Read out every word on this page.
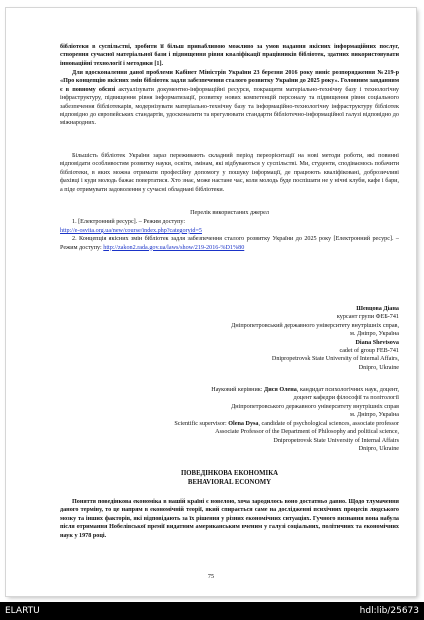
бібліотеки в суспільстві, зробити її більш привабливою можливо за умов надання якісних інформаційних послуг, створення сучасної матеріальної бази і підвищення рівня кваліфікації працівників бібліотек, здатних використовувати інноваційні технології і методики [1].

Для вдосконалення даної проблеми Кабінет Міністрів України 23 березня 2016 року виніс розпорядження №219-р «Про концепцію якісних змін бібліотек задля забезпечення сталого розвитку України до 2025 року». Головним завданням є в повному обсязі актуалізувати документно-інформаційні ресурси, покращити матеріально-технічну базу і технологічну інфраструктуру, підвищення рівня інформатизації, розвитку нових компетенцій персоналу та підвищення рівня соціального забезпечення бібліотекарів, модернізувати матеріально-технічну базу та інформаційно-технологічну інфраструктуру бібліотек відповідно до європейських стандартів, удосконалити та врегулювати стандарти бібліотечно-інформаційної галузі відповідно до міжнародних.

Більшість бібліотек України зараз переживають складний період переорієнтації на нові методи роботи, які повинні відповідати особливостям розвитку науки, освіти, змінам, які відбуваються у суспільстві. Ми, студенти, сподіваємось побачити бібліотеки, в яких можна отримати професійну допомогу у пошуку інформації, де працюють кваліфіковані, доброзичливі фахівці і куди молодь бажає повертатися. Хто знає, може настане час, коли молодь буде поспішати не у нічні клуби, кафе і бари, а піде отримувати задоволення у сучасні обладнані бібліотеки.

Перелік використаних джерел

1. [Електронний ресурс]. – Режим доступу:

http://e-osvita.org.ua/new/course/index.php?categoryid=5

2. Концепція якісних змін бібліотек задля забезпечення сталого розвитку України до 2025 року [Електронний ресурс]. – Режим доступу: http://zakon2.rada.gov.ua/laws/show/219-2016-%D1%80

Шевцова Діана
курсант групи ФЕБ-741
Дніпропетровський державного університету внутрішніх справ,
м. Дніпро, Україна
Diana Shevtsova
cadet of group FEB-741
Dnipropetrovsk State University of Internal Affairs,
Dnipro, Ukraine
Науковий керівник: Дися Олена, кандидат психологічних наук, доцент,
доцент кафедри філософії та політології
Дніпропетровського державного університету внутрішніх справ
м. Дніпро, Україна
Scientific supervisor: Olena Dysa, candidate of psychological sciences, associate professor
Associate Professor of the Department of Philosophy and political science,
Dnipropetrovsk State University of Internal Affairs
Dnipro, Ukraine
ПОВЕДІНКОВА ЕКОНОМІКА
BEHAVIORAL ECONOMY

Поняття поведінкова економіка в нашій країні є новелою, хоча зародилось воно достатньо давно. Щодо тлумачення даного терміну, то це напрям в економічній теорії, який спирається саме на дослідженні психічних процесів людського мозку та інших факторів, які відповідають за їх рішення у різних економічних ситуаціях. Гучного визнання вона набула після отримання Нобелівської премії видатним американським вченим у галузі соціальних, політичних та економічних наук у 1978 році.

75
ELARTU	hdl:lib/25673
